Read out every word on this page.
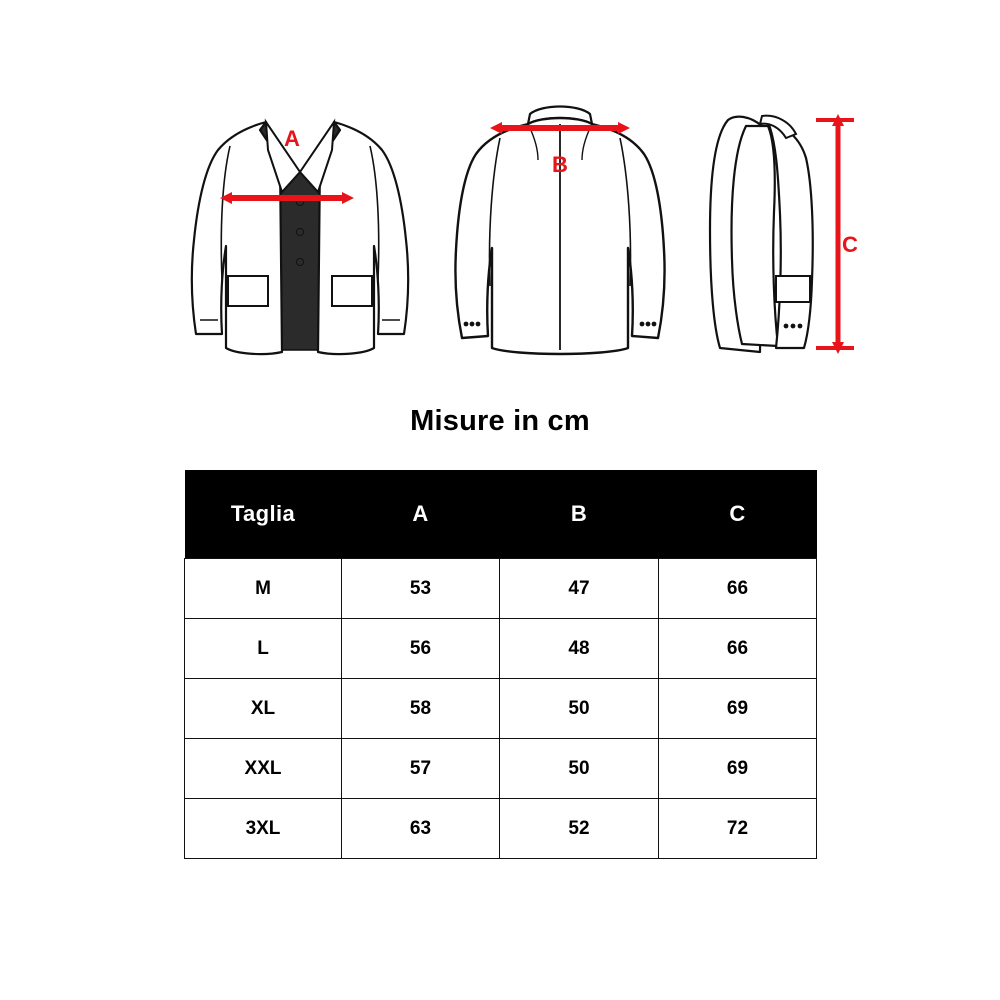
A
B
C
Misure in cm
Taglia	A	B	C
M	53	47	66
L	56	48	66
XL	58	50	69
XXL	57	50	69
3XL	63	52	72
